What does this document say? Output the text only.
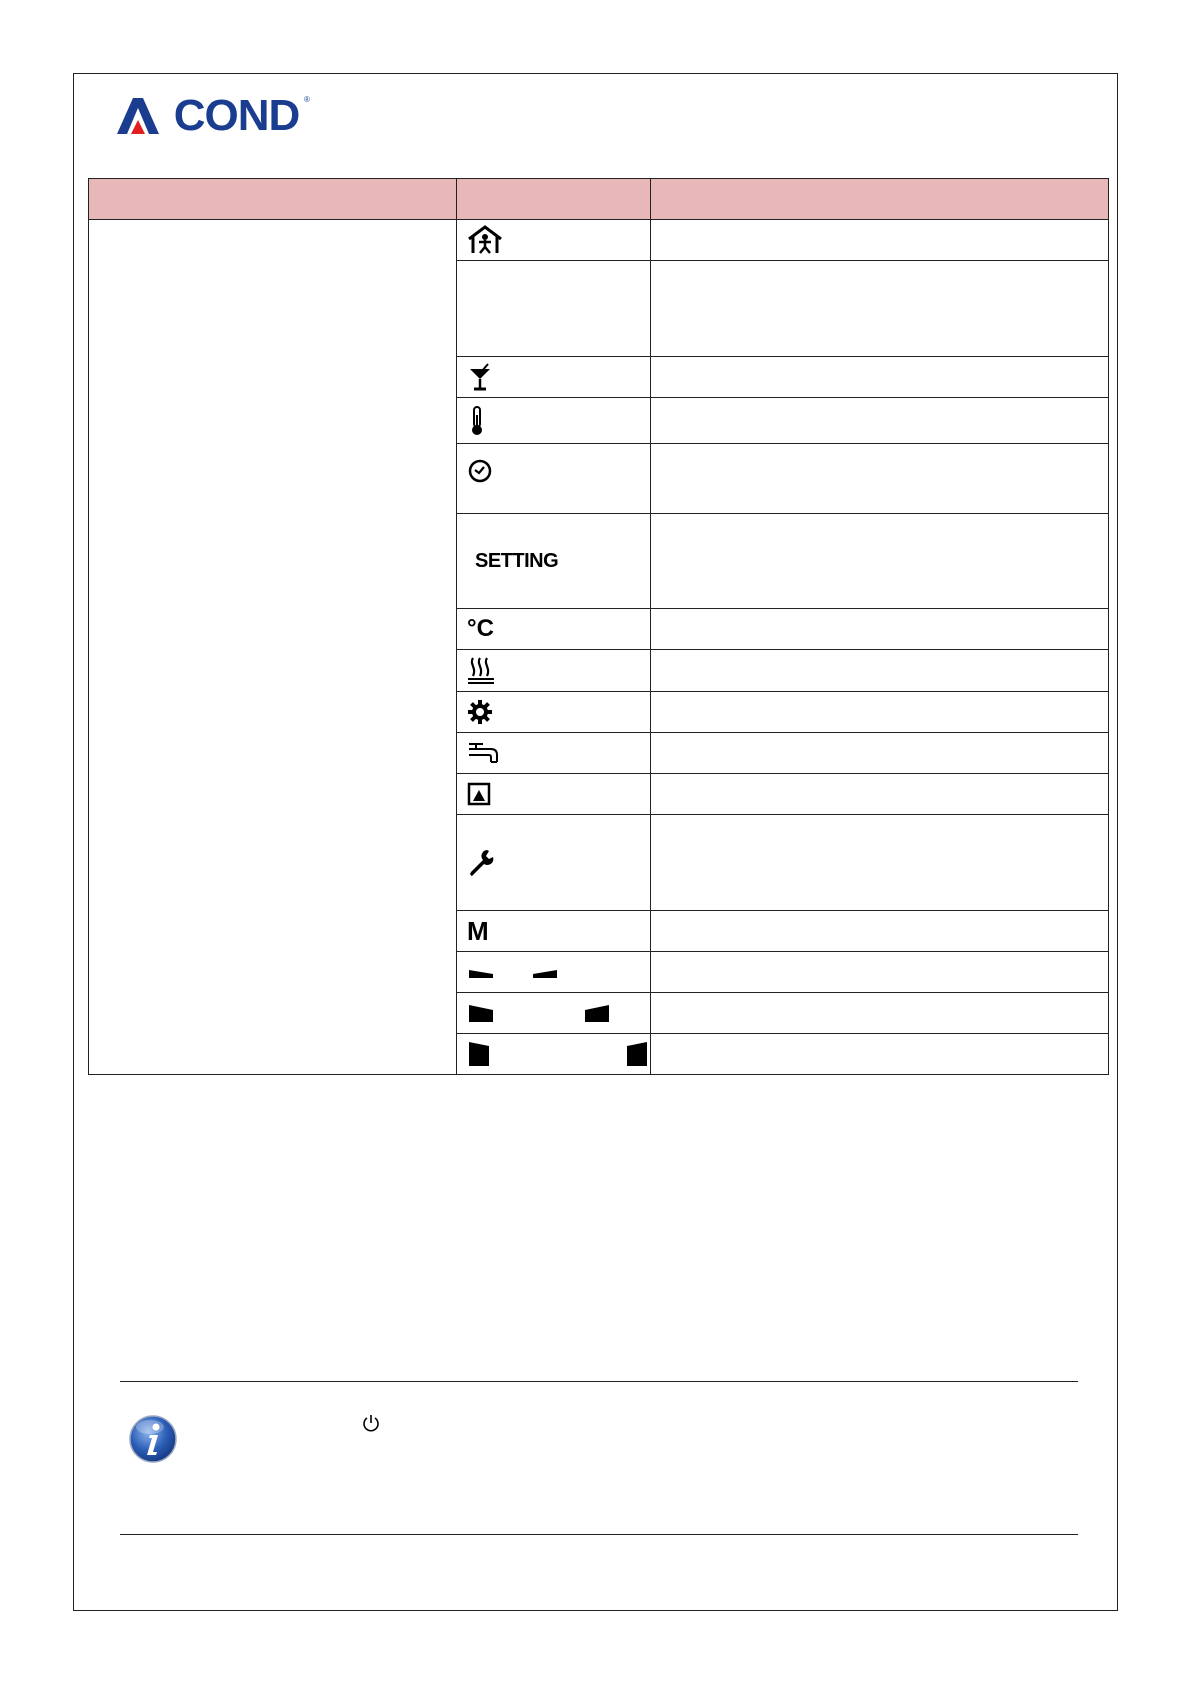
COND ®

	SETTING	
	°C	

	M	
